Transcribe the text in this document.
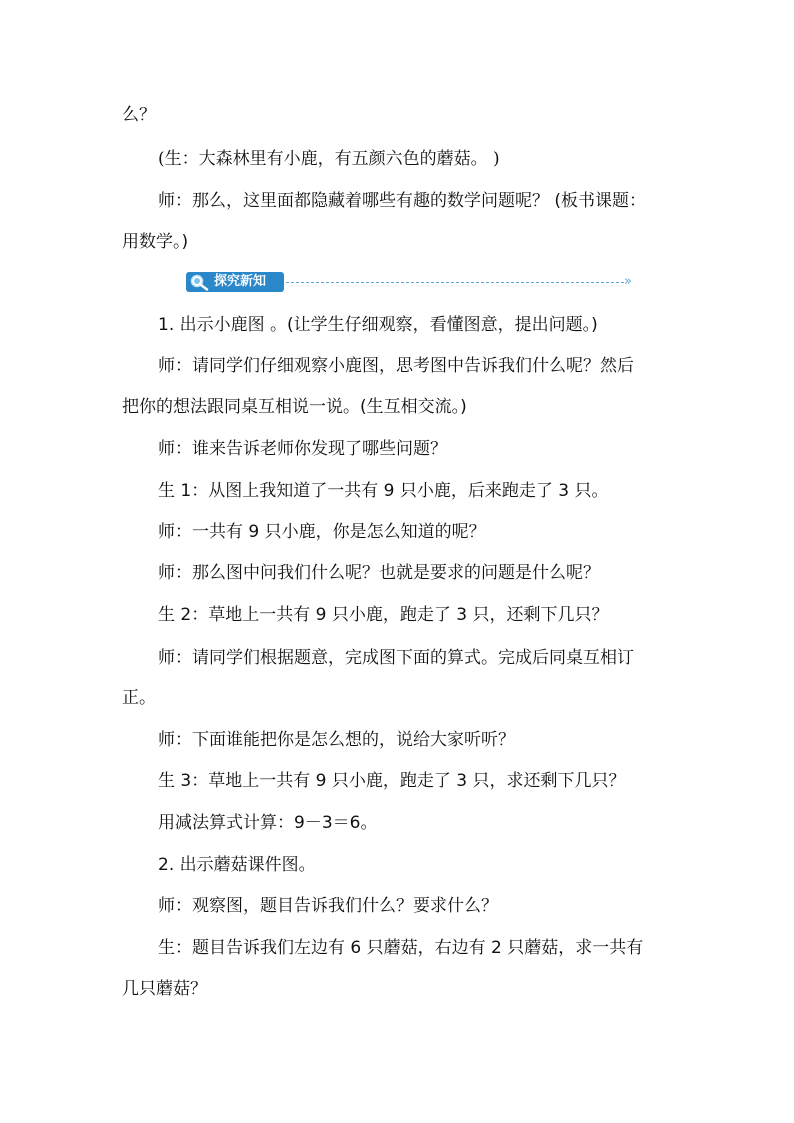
么？
(生：大森林里有小鹿，有五颜六色的蘑菇。 )
师：那么，这里面都隐藏着哪些有趣的数学问题呢？ (板书课题：
用数学。)
探究新知	»
1. 出示小鹿图 。(让学生仔细观察，看懂图意，提出问题。)
师：请同学们仔细观察小鹿图，思考图中告诉我们什么呢？然后
把你的想法跟同桌互相说一说。(生互相交流。)
师：谁来告诉老师你发现了哪些问题？
生 1：从图上我知道了一共有 9 只小鹿，后来跑走了 3 只。
师：一共有 9 只小鹿，你是怎么知道的呢？
师：那么图中问我们什么呢？也就是要求的问题是什么呢？
生 2：草地上一共有 9 只小鹿，跑走了 3 只，还剩下几只？
师：请同学们根据题意，完成图下面的算式。完成后同桌互相订
正。
师：下面谁能把你是怎么想的，说给大家听听？
生 3：草地上一共有 9 只小鹿，跑走了 3 只，求还剩下几只？
用减法算式计算：9－3＝6。
2. 出示蘑菇课件图。
师：观察图，题目告诉我们什么？要求什么？
生：题目告诉我们左边有 6 只蘑菇，右边有 2 只蘑菇，求一共有
几只蘑菇？
